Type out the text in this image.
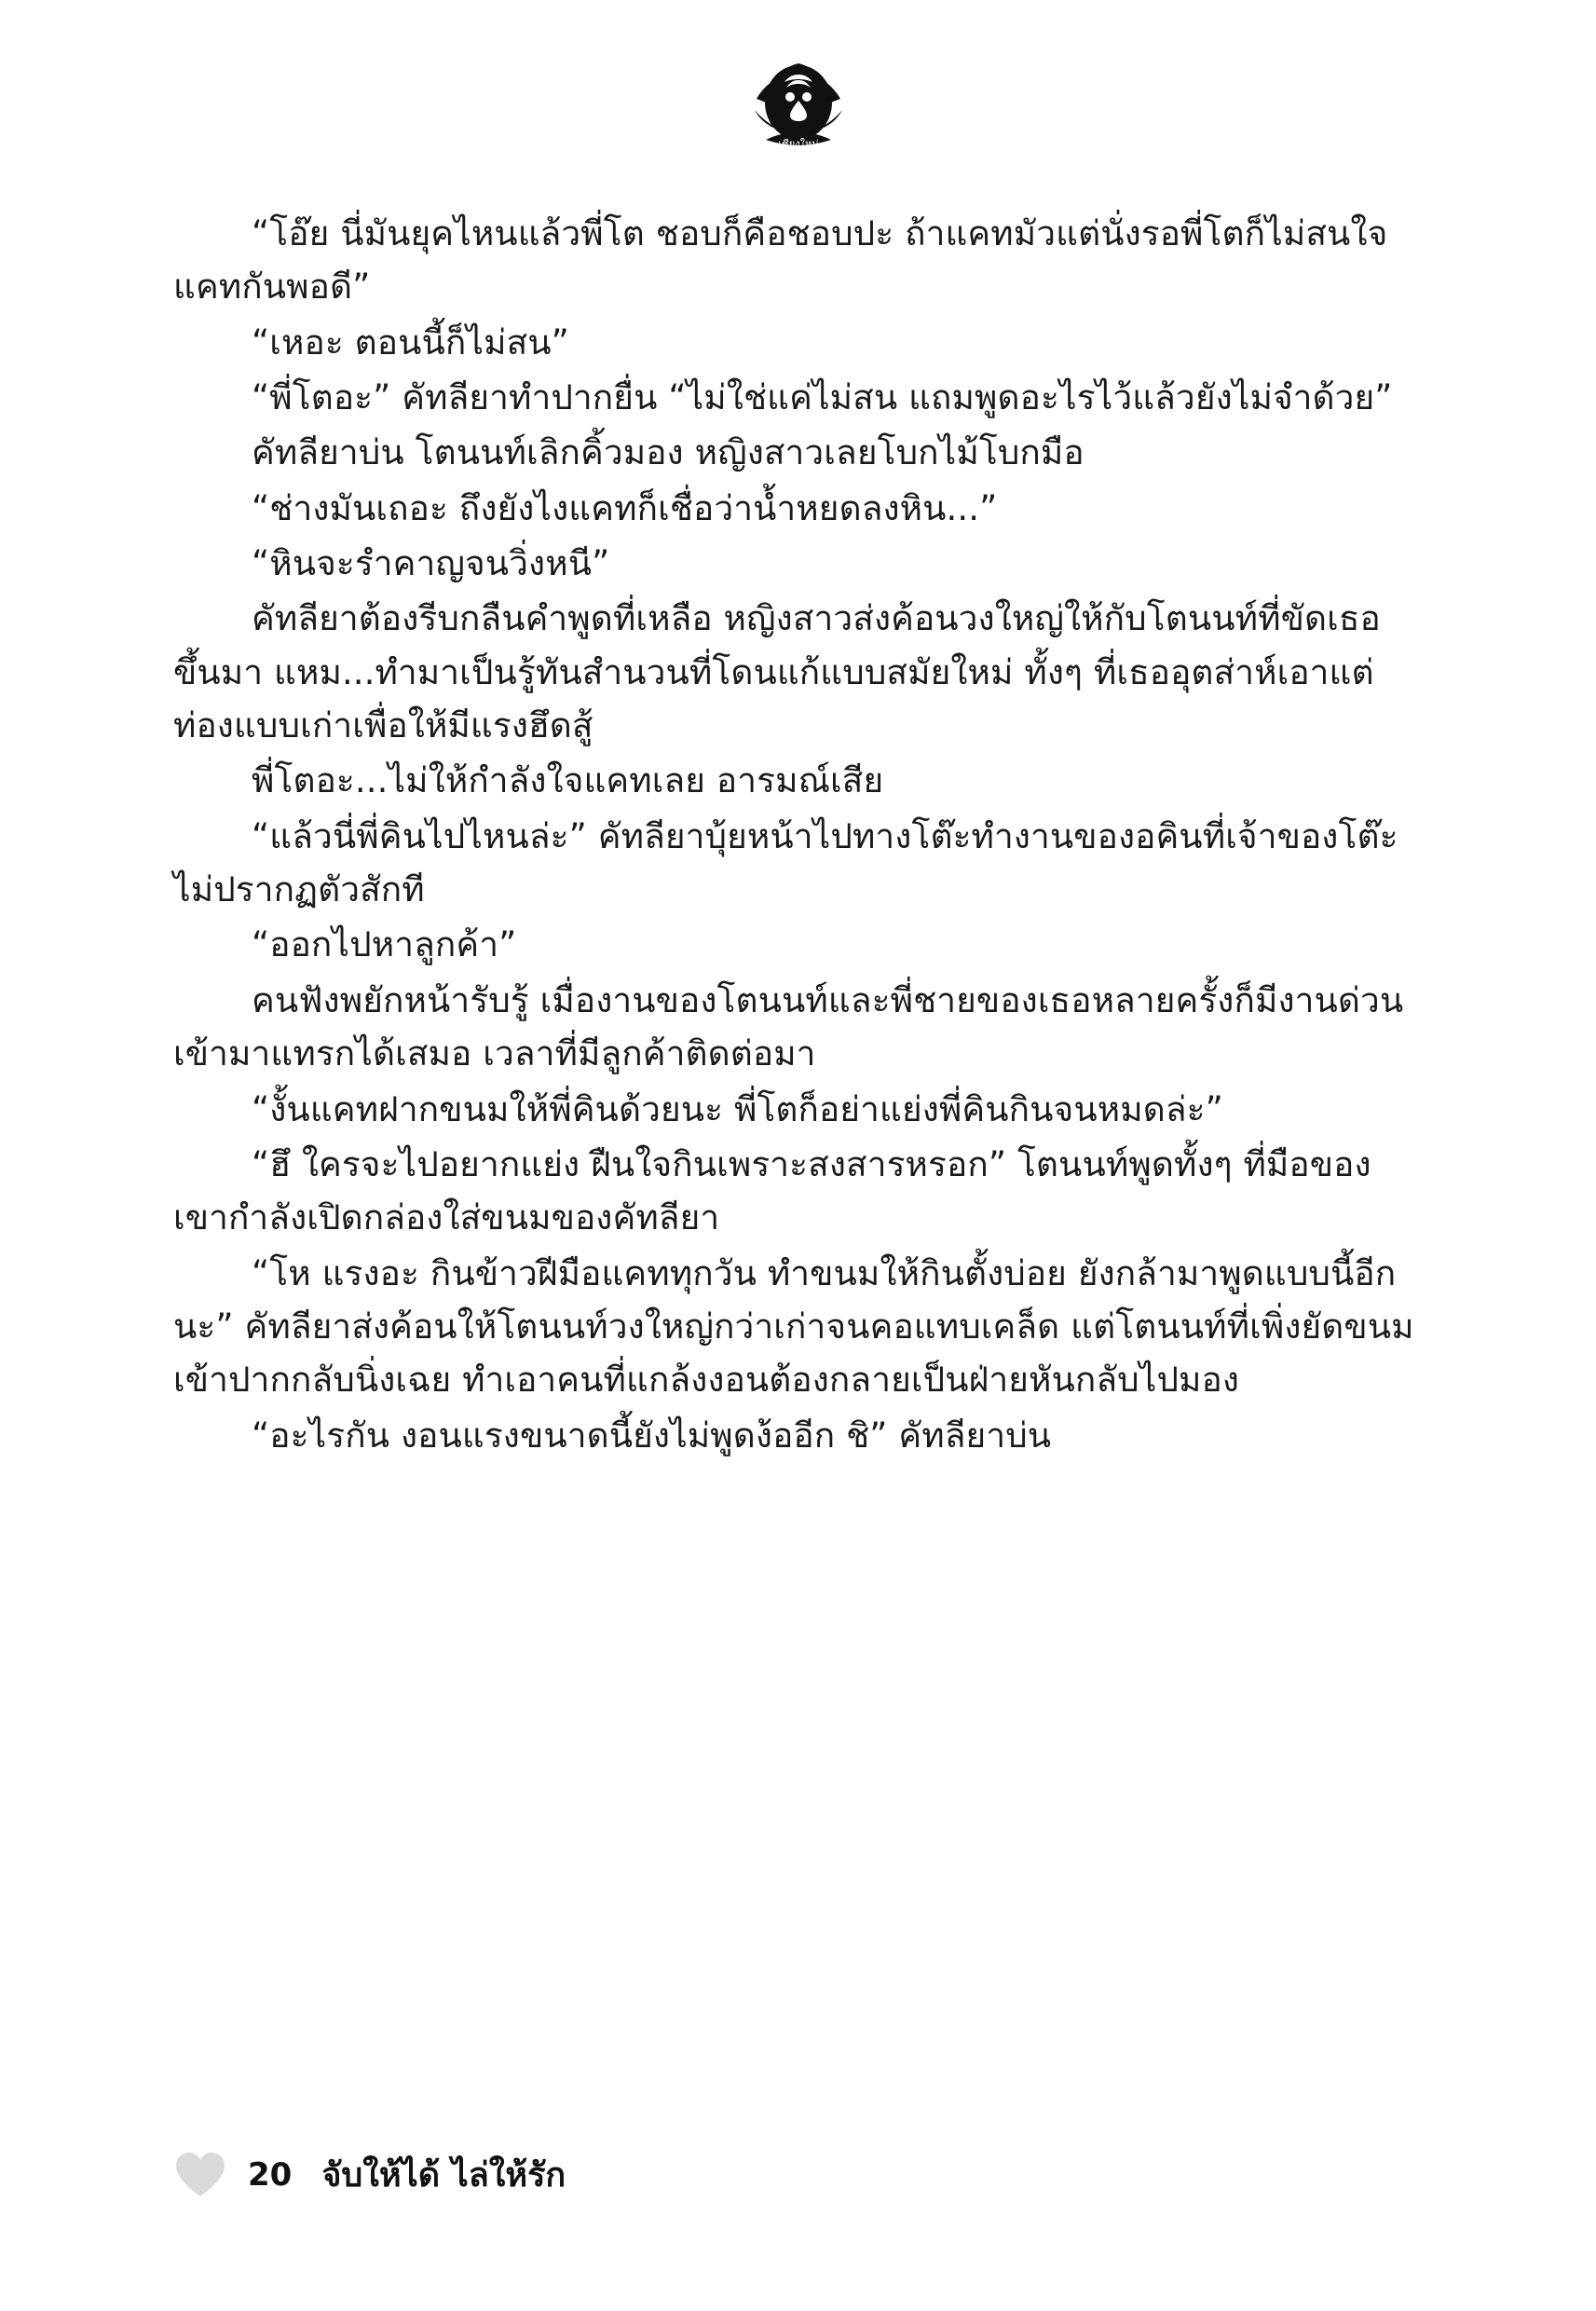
เชียงใหม่

“โอ๊ย นี่มันยุคไหนแล้วพี่โต ชอบก็คือชอบปะ ถ้าแคทมัวแต่นั่งรอพี่โตก็ไม่สนใจแคทกันพอดี”

“เหอะ ตอนนี้ก็ไม่สน”

“พี่โตอะ” คัทลียาทำปากยื่น “ไม่ใช่แค่ไม่สน แถมพูดอะไรไว้แล้วยังไม่จำด้วย”

คัทลียาบ่น โตนนท์เลิกคิ้วมอง หญิงสาวเลยโบกไม้โบกมือ

“ช่างมันเถอะ ถึงยังไงแคทก็เชื่อว่าน้ำหยดลงหิน...”

“หินจะรำคาญจนวิ่งหนี”

คัทลียาต้องรีบกลืนคำพูดที่เหลือ หญิงสาวส่งค้อนวงใหญ่ให้กับโตนนท์ที่ขัดเธอขึ้นมา แหม...ทำมาเป็นรู้ทันสำนวนที่โดนแก้แบบสมัยใหม่ ทั้งๆ ที่เธออุตส่าห์เอาแต่ท่องแบบเก่าเพื่อให้มีแรงฮึดสู้

พี่โตอะ...ไม่ให้กำลังใจแคทเลย อารมณ์เสีย

“แล้วนี่พี่คินไปไหนล่ะ” คัทลียาบุ้ยหน้าไปทางโต๊ะทำงานของอคินที่เจ้าของโต๊ะไม่ปรากฏตัวสักที

“ออกไปหาลูกค้า”

คนฟังพยักหน้ารับรู้ เมื่องานของโตนนท์และพี่ชายของเธอหลายครั้งก็มีงานด่วนเข้ามาแทรกได้เสมอ เวลาที่มีลูกค้าติดต่อมา

“งั้นแคทฝากขนมให้พี่คินด้วยนะ พี่โตก็อย่าแย่งพี่คินกินจนหมดล่ะ”

“ฮึ ใครจะไปอยากแย่ง ฝืนใจกินเพราะสงสารหรอก” โตนนท์พูดทั้งๆ ที่มือของเขากำลังเปิดกล่องใส่ขนมของคัทลียา

“โห แรงอะ กินข้าวฝีมือแคททุกวัน ทำขนมให้กินตั้งบ่อย ยังกล้ามาพูดแบบนี้อีกนะ” คัทลียาส่งค้อนให้โตนนท์วงใหญ่กว่าเก่าจนคอแทบเคล็ด แต่โตนนท์ที่เพิ่งยัดขนมเข้าปากกลับนิ่งเฉย ทำเอาคนที่แกล้งงอนต้องกลายเป็นฝ่ายหันกลับไปมอง

“อะไรกัน งอนแรงขนาดนี้ยังไม่พูดง้ออีก ชิ” คัทลียาบ่น

20 จับให้ได้ ไล่ให้รัก
